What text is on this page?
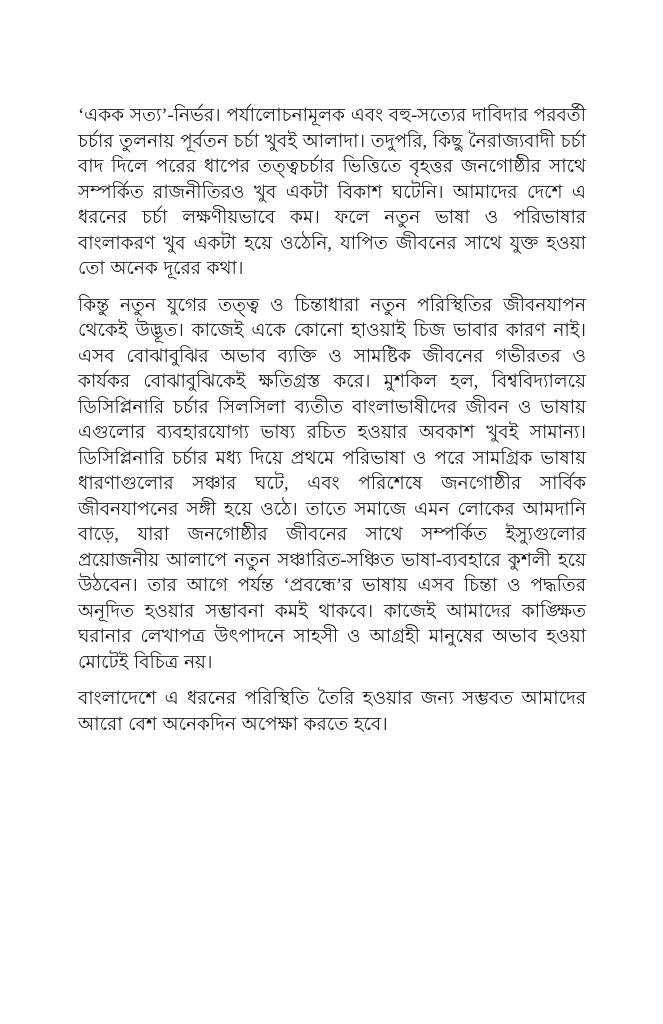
‘একক সত্য’-নির্ভর। পর্যালোচনামূলক এবং বহু-সত্যের দাবিদার পরবর্তী চর্চার তুলনায় পূর্বতন চর্চা খুবই আলাদা। তদুপরি, কিছু নৈরাজ্যবাদী চর্চা বাদ দিলে পরের ধাপের তত্ত্বচর্চার ভিত্তিতে বৃহত্তর জনগোষ্ঠীর সাথে সম্পর্কিত রাজনীতিরও খুব একটা বিকাশ ঘটেনি। আমাদের দেশে এ ধরনের চর্চা লক্ষণীয়ভাবে কম। ফলে নতুন ভাষা ও পরিভাষার বাংলাকরণ খুব একটা হয়ে ওঠেনি, যাপিত জীবনের সাথে যুক্ত হওয়া তো অনেক দূরের কথা।

কিন্তু নতুন যুগের তত্ত্ব ও চিন্তাধারা নতুন পরিস্থিতির জীবনযাপন থেকেই উদ্ভূত। কাজেই একে কোনো হাওয়াই চিজ ভাবার কারণ নাই। এসব বোঝাবুঝির অভাব ব্যক্তি ও সামষ্টিক জীবনের গভীরতর ও কার্যকর বোঝাবুঝিকেই ক্ষতিগ্রস্ত করে। মুশকিল হল, বিশ্ববিদ্যালয়ে ডিসিপ্লিনারি চর্চার সিলসিলা ব্যতীত বাংলাভাষীদের জীবন ও ভাষায় এগুলোর ব্যবহারযোগ্য ভাষ্য রচিত হওয়ার অবকাশ খুবই সামান্য। ডিসিপ্লিনারি চর্চার মধ্য দিয়ে প্রথমে পরিভাষা ও পরে সামগ্রিক ভাষায় ধারণাগুলোর সঞ্চার ঘটে, এবং পরিশেষে জনগোষ্ঠীর সার্বিক জীবনযাপনের সঙ্গী হয়ে ওঠে। তাতে সমাজে এমন লোকের আমদানি বাড়ে, যারা জনগোষ্ঠীর জীবনের সাথে সম্পর্কিত ইস্যুগুলোর প্রয়োজনীয় আলাপে নতুন সঞ্চারিত-সঞ্চিত ভাষা-ব্যবহারে কুশলী হয়ে উঠবেন। তার আগে পর্যন্ত ‘প্রবন্ধে’র ভাষায় এসব চিন্তা ও পদ্ধতির অনূদিত হওয়ার সম্ভাবনা কমই থাকবে। কাজেই আমাদের কাঙ্ক্ষিত ঘরানার লেখাপত্র উৎপাদনে সাহসী ও আগ্রহী মানুষের অভাব হওয়া মোটেই বিচিত্র নয়।

বাংলাদেশে এ ধরনের পরিস্থিতি তৈরি হওয়ার জন্য সম্ভবত আমাদের আরো বেশ অনেকদিন অপেক্ষা করতে হবে।
